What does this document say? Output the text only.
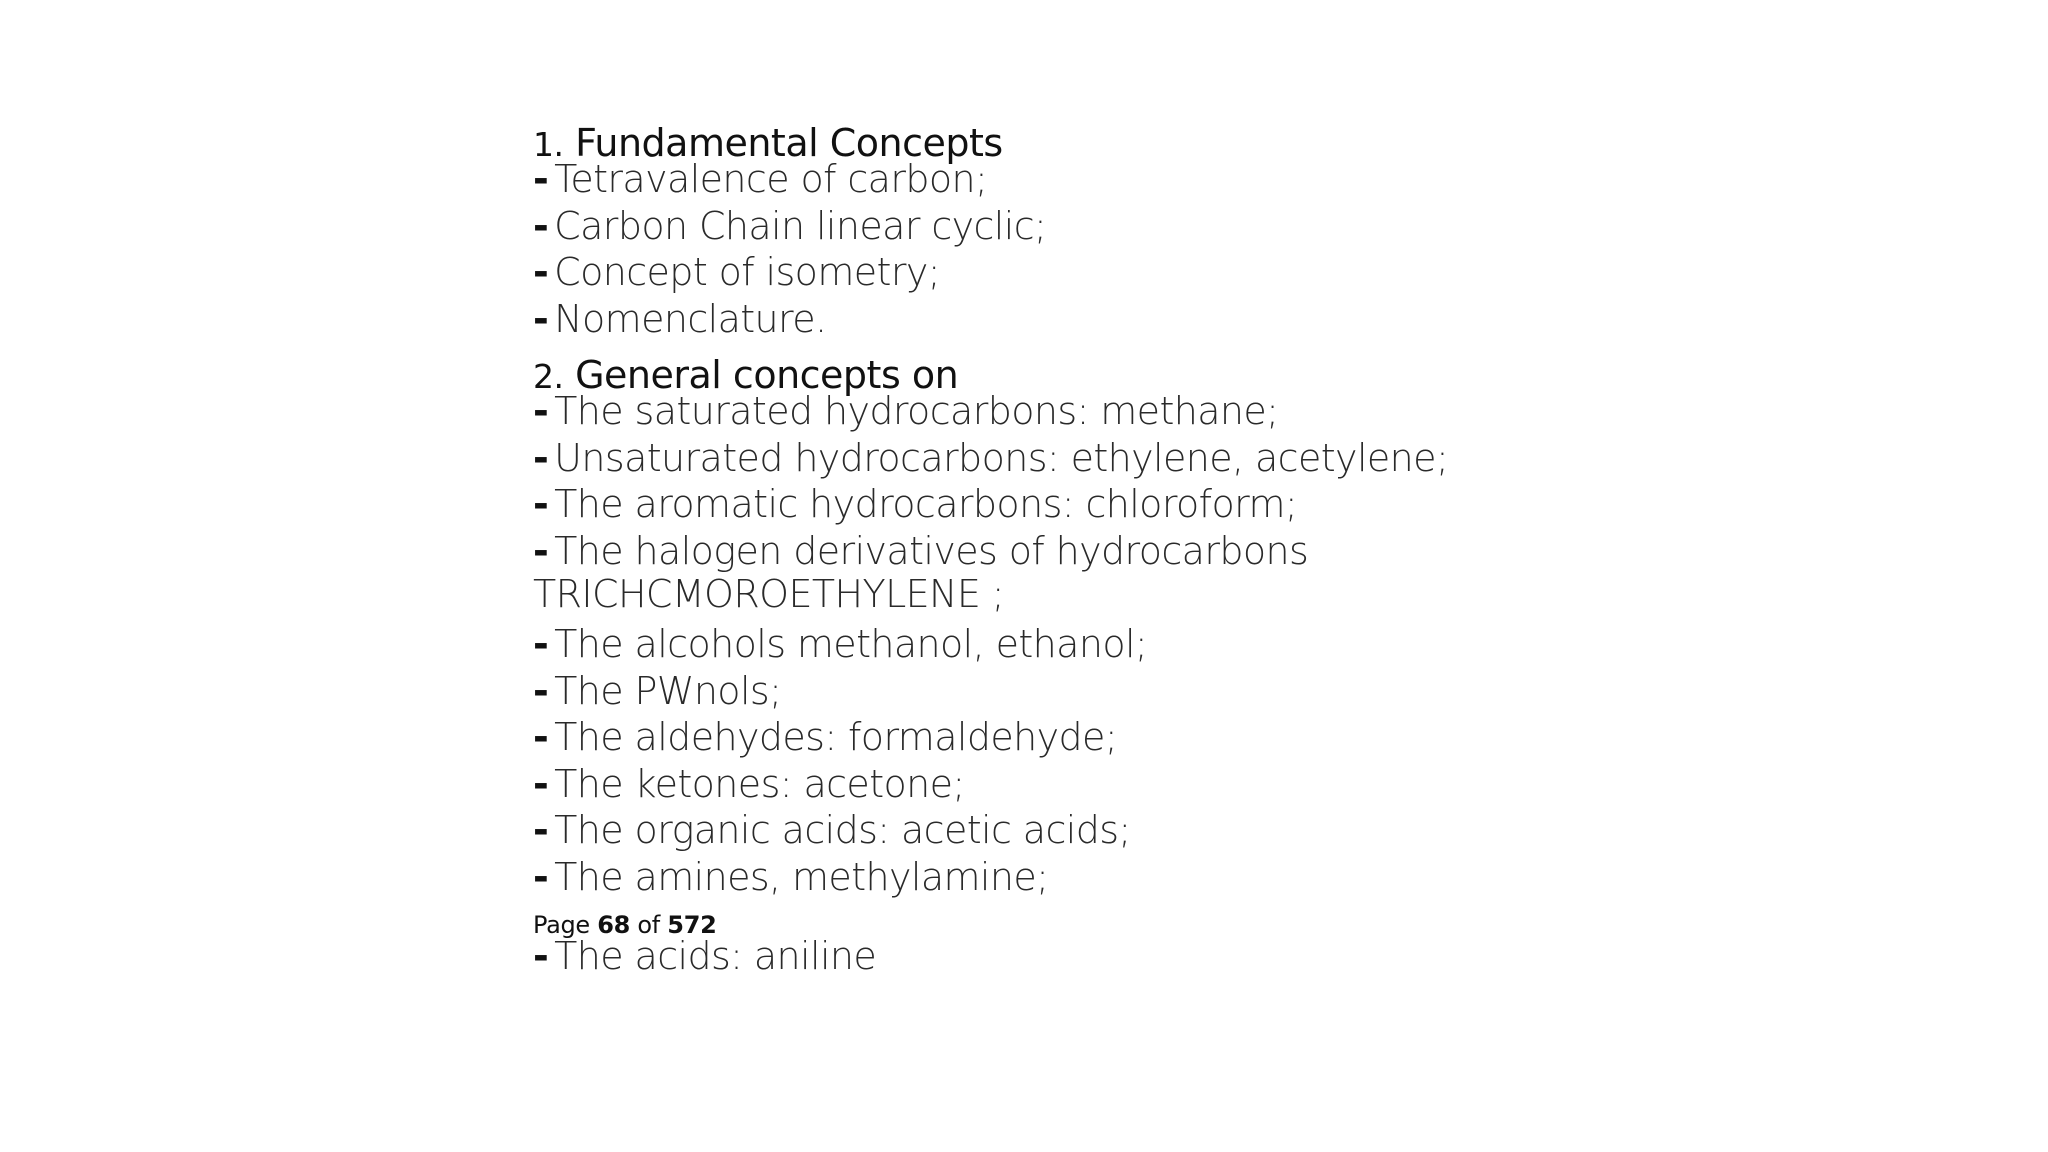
1. Fundamental Concepts
- Tetravalence of carbon;
- Carbon Chain linear cyclic;
- Concept of isometry;
- Nomenclature.
2. General concepts on
- The saturated hydrocarbons: methane;
- Unsaturated hydrocarbons: ethylene, acetylene;
- The aromatic hydrocarbons: chloroform;
- The halogen derivatives of hydrocarbons
TRICHCMOROETHYLENE ;
- The alcohols methanol, ethanol;
- The PWnols;
- The aldehydes: formaldehyde;
- The ketones: acetone;
- The organic acids: acetic acids;
- The amines, methylamine;
Page 68 of 572
- The acids: aniline
